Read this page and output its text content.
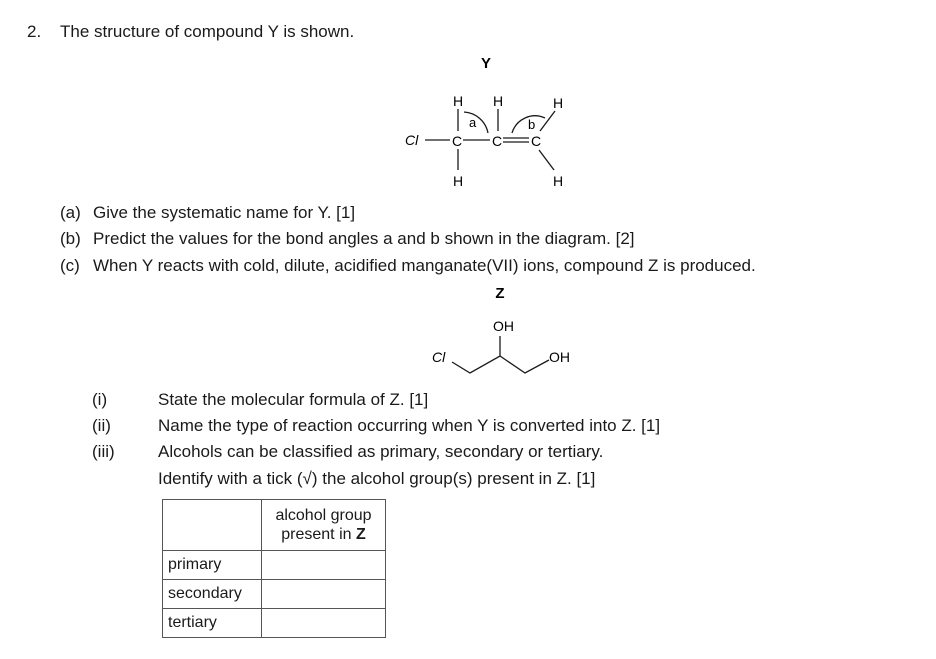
2. The structure of compound Y is shown.
Y
Cl C C C
H H	H
H	H
a	b
Z
OH
Cl	OH
(a) Give the systematic name for Y. [1]
(b) Predict the values for the bond angles a and b shown in the diagram. [2]
(c) When Y reacts with cold, dilute, acidified manganate(VII) ions, compound Z is produced.
(i)	State the molecular formula of Z. [1]
(ii)	Name the type of reaction occurring when Y is converted into Z. [1]
(iii)	Alcohols can be classified as primary, secondary or tertiary.
Identify with a tick (√) the alcohol group(s) present in Z. [1]
	alcohol group
present in Z
primary	
secondary	
tertiary	
